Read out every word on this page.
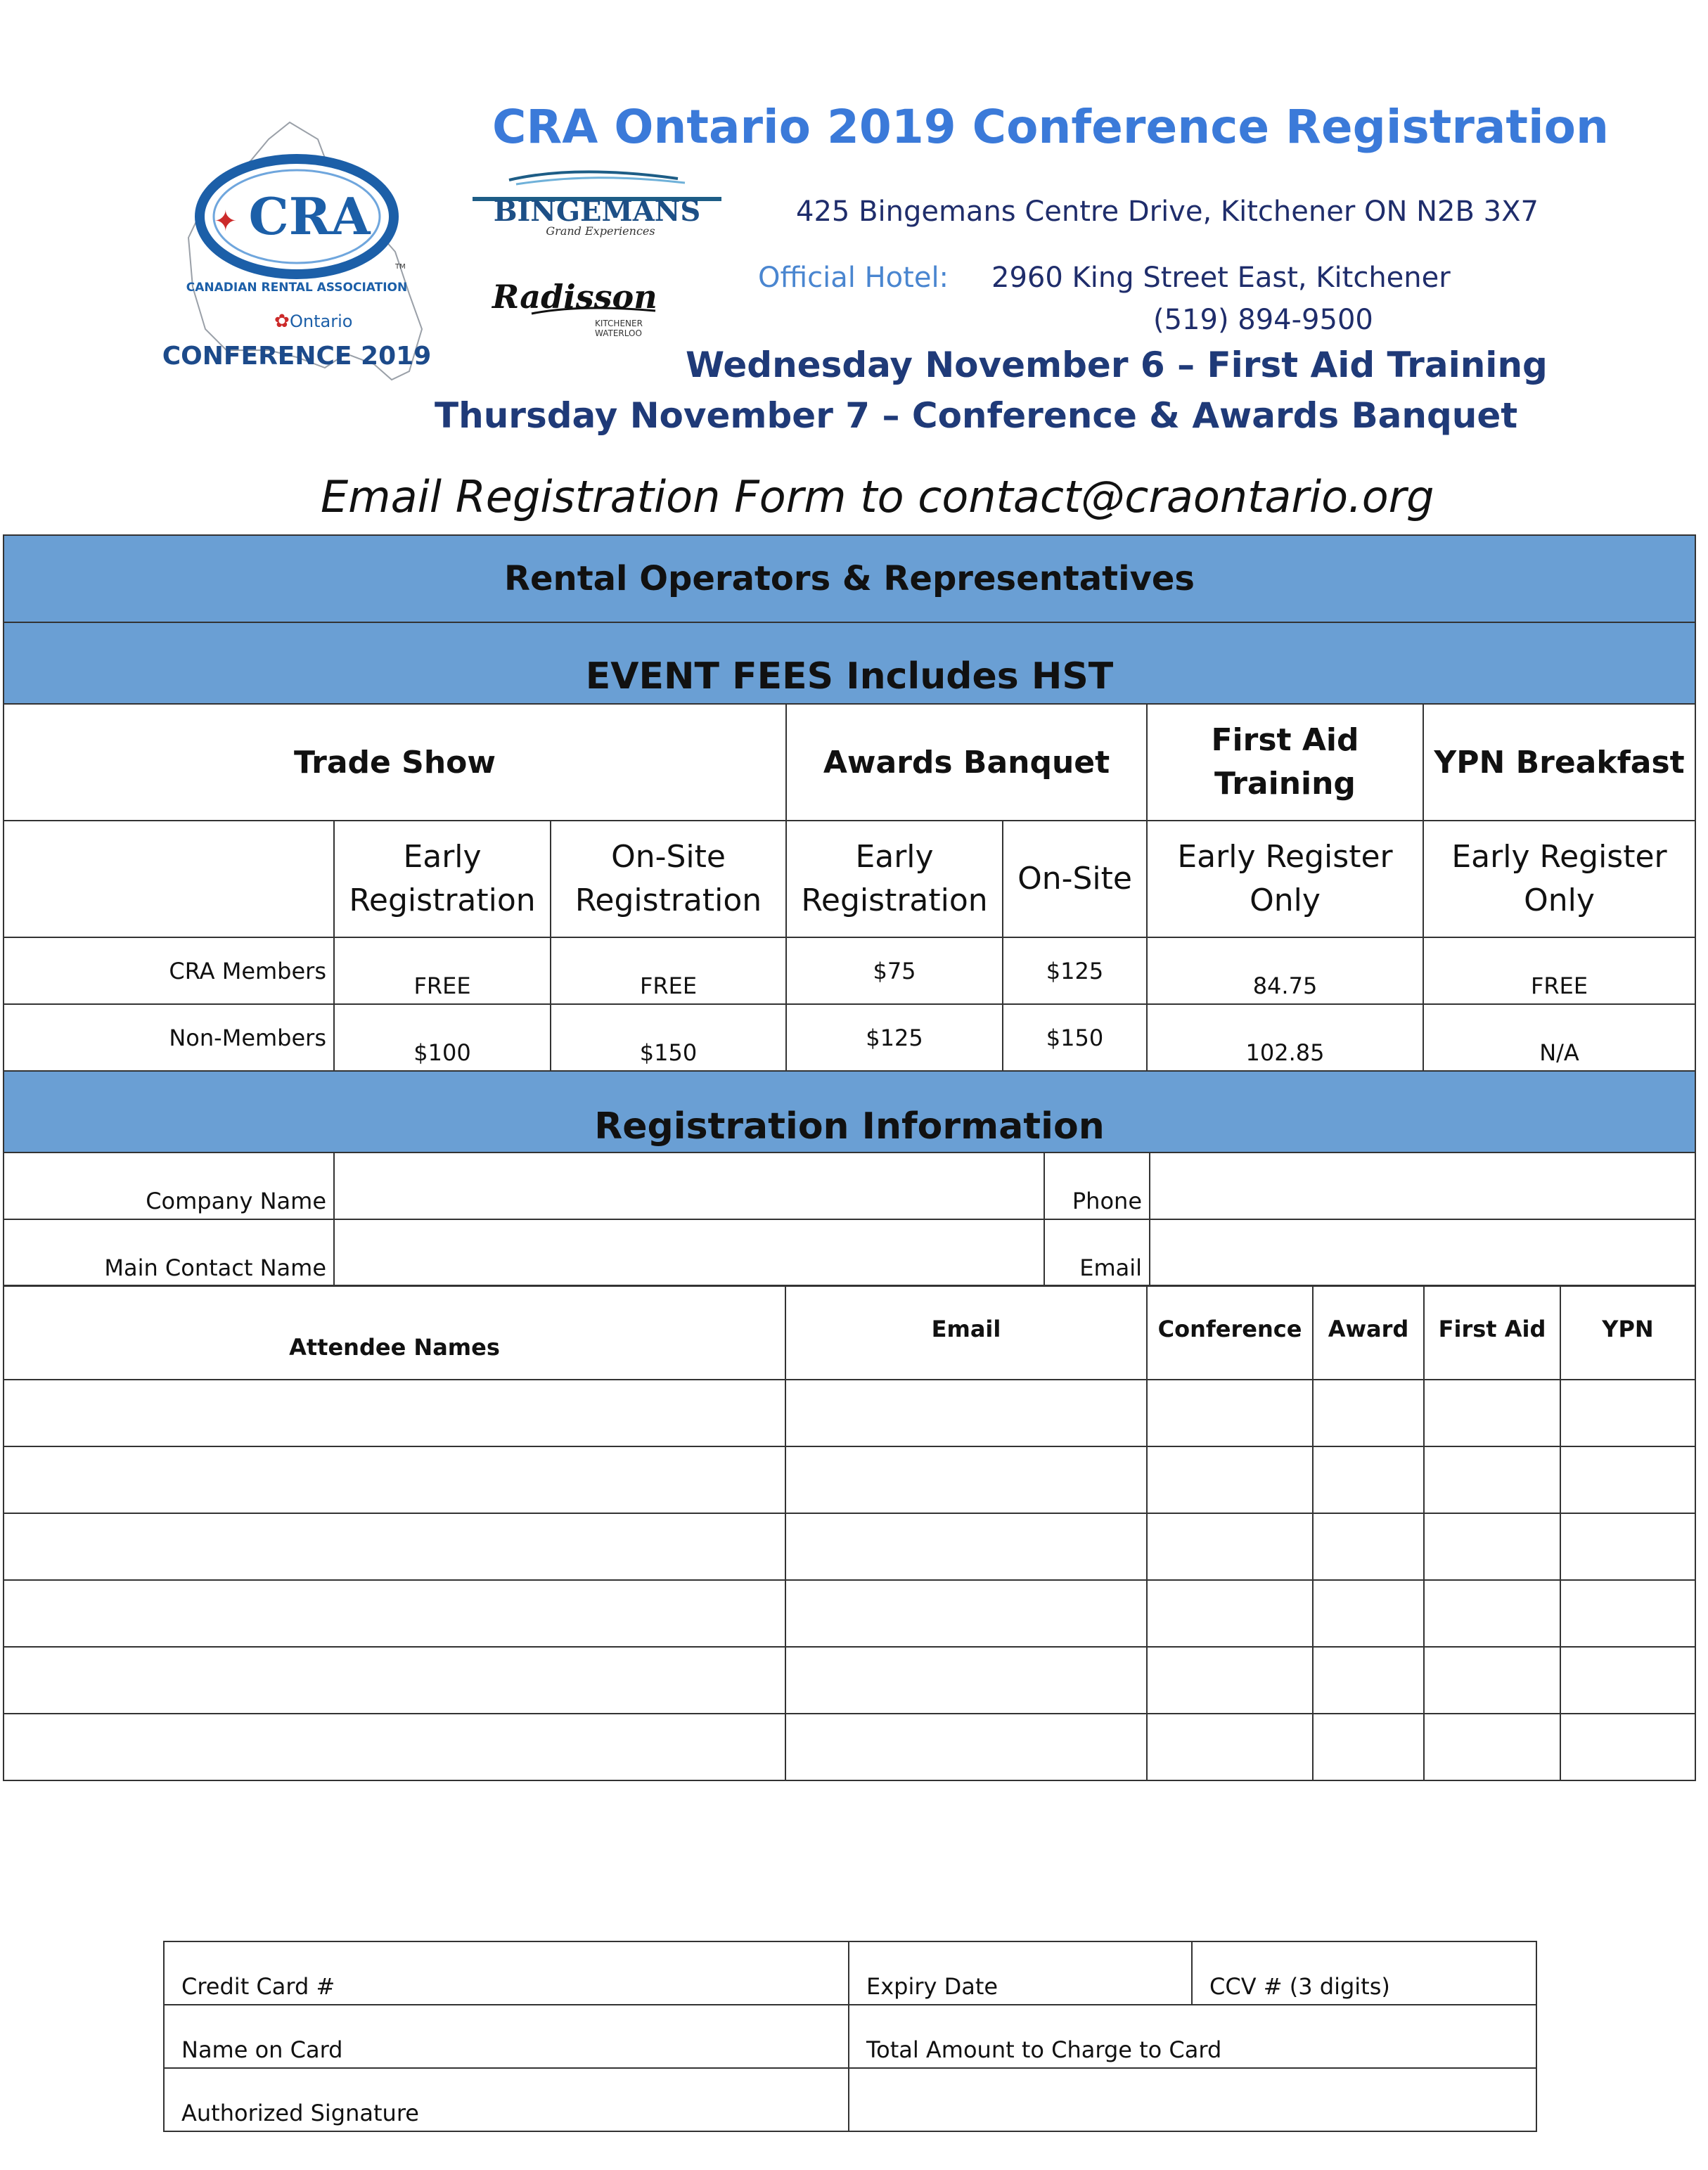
CRA Ontario 2019 Conference Registration
CRA
✦
TM
CANADIAN RENTAL ASSOCIATION
Ontario
✿
CONFERENCE 2019
BINGEMANS
Grand Experiences
Radisson
KITCHENER
WATERLOO
425 Bingemans Centre Drive, Kitchener ON N2B 3X7
Official Hotel: 2960 King Street East, Kitchener
(519) 894-9500
Wednesday November 6 – First Aid Training
Thursday November 7 – Conference & Awards Banquet
Email Registration Form to contact@craontario.org
Rental Operators & Representatives						
EVENT FEES Includes HST						
Trade Show			Awards Banquet		First Aid Training	YPN Breakfast
	Early Registration	On-Site Registration	Early Registration	On-Site	Early Register Only	Early Register Only
CRA Members	FREE	FREE	$75	$125	84.75	FREE
Non-Members	$100	$150	$125	$150	102.85	N/A
Registration Information			
Company Name		Phone	
Main Contact Name		Email	
Attendee Names	Email	Conference	Award	First Aid	YPN

Credit Card #	Expiry Date	CCV # (3 digits)
Name on Card	Total Amount to Charge to Card	
Authorized Signature		
